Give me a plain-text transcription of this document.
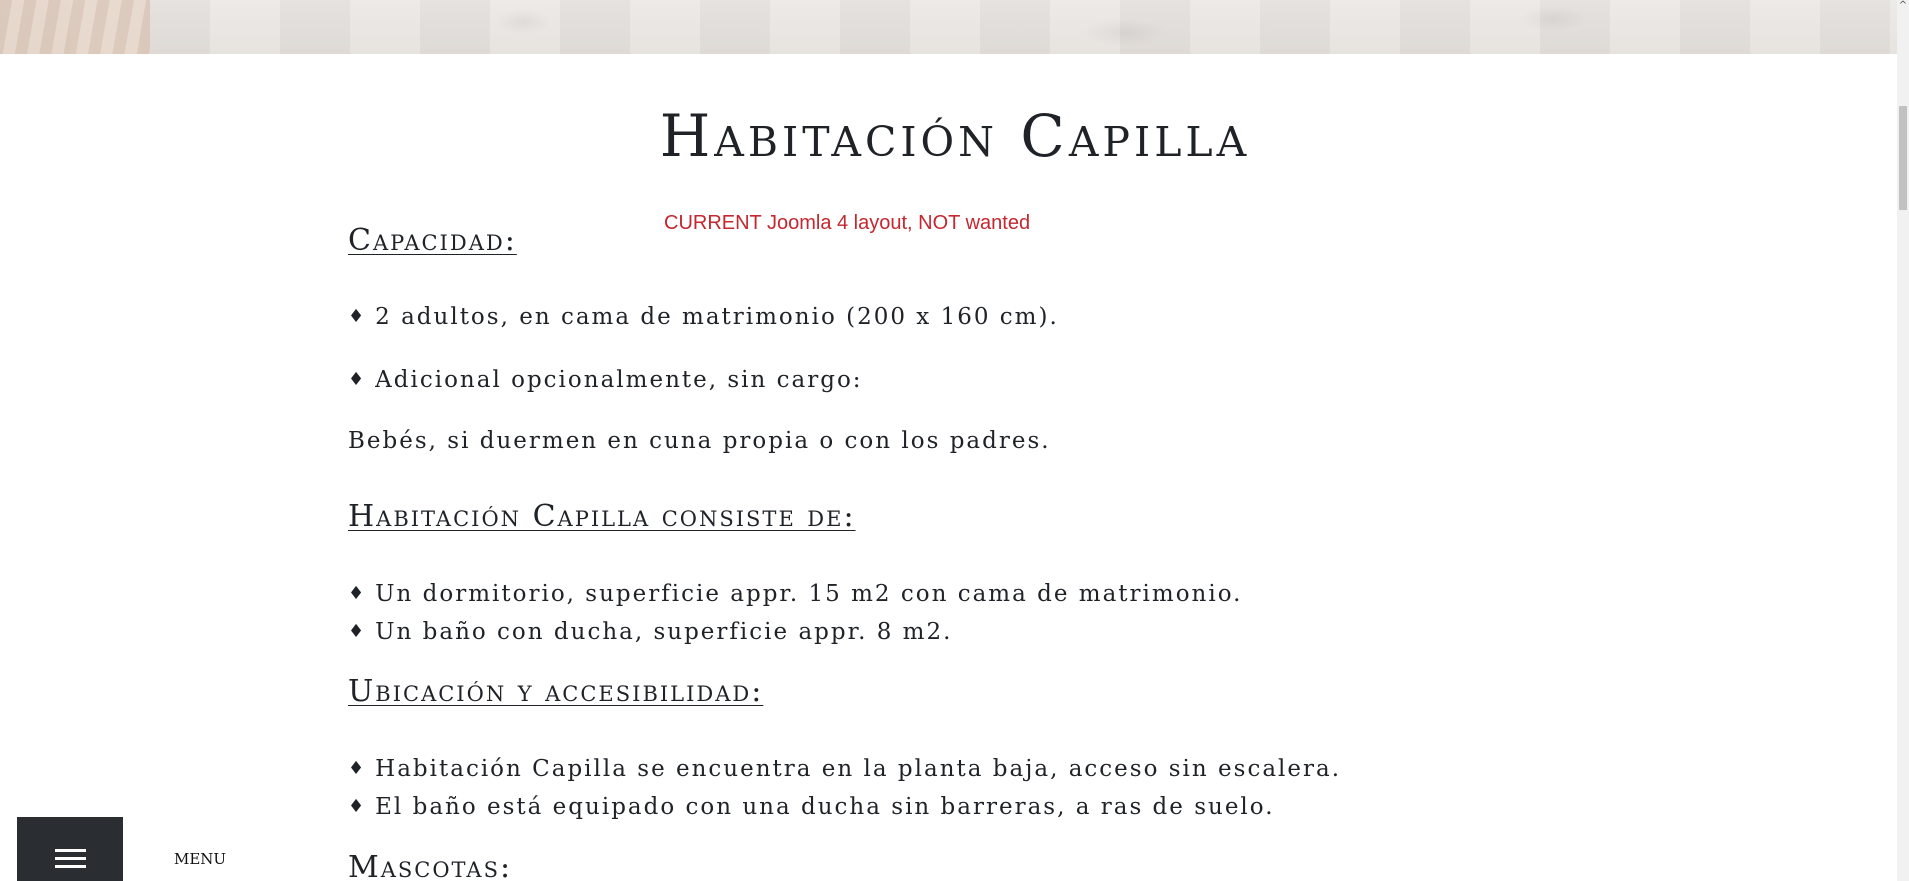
Habitación Capilla

CURRENT Joomla 4 layout, NOT wanted

Capacidad:

♦ 2 adultos, en cama de matrimonio (200 x 160 cm).

♦ Adicional opcionalmente, sin cargo:

Bebés, si duermen en cuna propia o con los padres.

Habitación Capilla consiste de:

♦ Un dormitorio, superficie appr. 15 m2 con cama de matrimonio.

♦ Un baño con ducha, superficie appr. 8 m2.

Ubicación y accesibilidad:

♦ Habitación Capilla se encuentra en la planta baja, acceso sin escalera.

♦ El baño está equipado con una ducha sin barreras, a ras de suelo.

Mascotas:

MENU

^
